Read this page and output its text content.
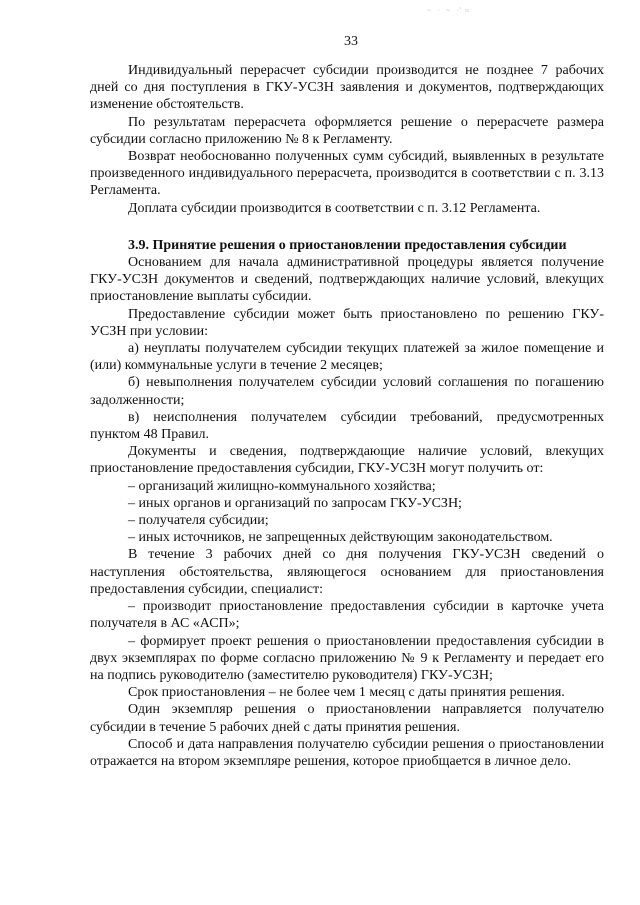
~ · ~ ·̃ ≈
33

Индивидуальный перерасчет субсидии производится не позднее 7 рабочих дней со дня поступления в ГКУ-УСЗН заявления и документов, подтверждающих изменение обстоятельств.

По результатам перерасчета оформляется решение о перерасчете размера субсидии согласно приложению № 8 к Регламенту.

Возврат необоснованно полученных сумм субсидий, выявленных в результате произведенного индивидуального перерасчета, производится в соответствии с п. 3.13 Регламента.

Доплата субсидии производится в соответствии с п. 3.12 Регламента.

3.9. Принятие решения о приостановлении предоставления субсидии

Основанием для начала административной процедуры является получение ГКУ-УСЗН документов и сведений, подтверждающих наличие условий, влекущих приостановление выплаты субсидии.

Предоставление субсидии может быть приостановлено по решению ГКУ-УСЗН при условии:

а) неуплаты получателем субсидии текущих платежей за жилое помещение и (или) коммунальные услуги в течение 2 месяцев;

б) невыполнения получателем субсидии условий соглашения по погашению задолженности;

в) неисполнения получателем субсидии требований, предусмотренных пунктом 48 Правил.

Документы и сведения, подтверждающие наличие условий, влекущих приостановление предоставления субсидии, ГКУ-УСЗН могут получить от:

– организаций жилищно-коммунального хозяйства;

– иных органов и организаций по запросам ГКУ-УСЗН;

– получателя субсидии;

– иных источников, не запрещенных действующим законодательством.

В течение 3 рабочих дней со дня получения ГКУ-УСЗН сведений о наступления обстоятельства, являющегося основанием для приостановления предоставления субсидии, специалист:

– производит приостановление предоставления субсидии в карточке учета получателя в АС «АСП»;

– формирует проект решения о приостановлении предоставления субсидии в двух экземплярах по форме согласно приложению № 9 к Регламенту и передает его на подпись руководителю (заместителю руководителя) ГКУ-УСЗН;

Срок приостановления – не более чем 1 месяц с даты принятия решения.

Один экземпляр решения о приостановлении направляется получателю субсидии в течение 5 рабочих дней с даты принятия решения.

Способ и дата направления получателю субсидии решения о приостановлении отражается на втором экземпляре решения, которое приобщается в личное дело.
